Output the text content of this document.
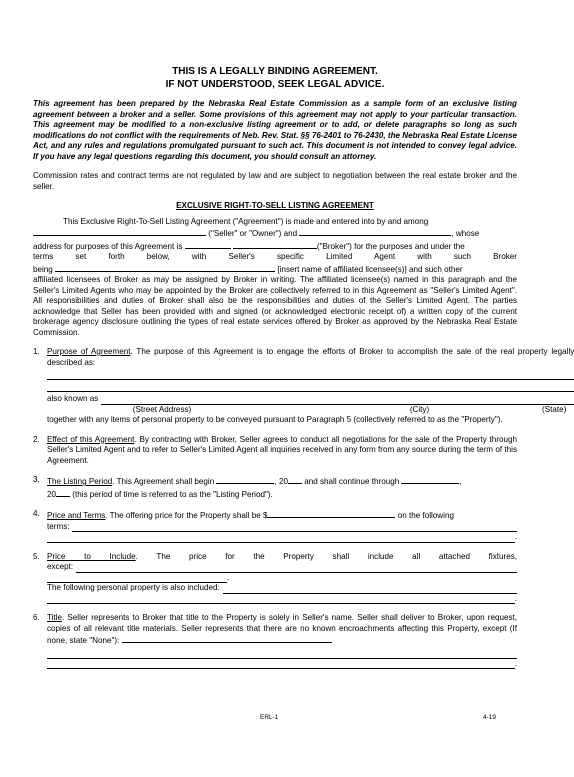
THIS IS A LEGALLY BINDING AGREEMENT.
IF NOT UNDERSTOOD, SEEK LEGAL ADVICE.
This agreement has been prepared by the Nebraska Real Estate Commission as a sample form of an exclusive listing agreement between a broker and a seller. Some provisions of this agreement may not apply to your particular transaction. This agreement may be modified to a non-exclusive listing agreement or to add, or delete paragraphs so long as such modifications do not conflict with the requirements of Neb. Rev. Stat. §§ 76-2401 to 76-2430, the Nebraska Real Estate License Act, and any rules and regulations promulgated pursuant to such act. This document is not intended to convey legal advice. If you have any legal questions regarding this document, you should consult an attorney.
Commission rates and contract terms are not regulated by law and are subject to negotiation between the real estate broker and the seller.
EXCLUSIVE RIGHT-TO-SELL LISTING AGREEMENT
This Exclusive Right-To-Sell Listing Agreement ("Agreement") is made and entered into by and among
("Seller" or "Owner") and	, whose
address for purposes of this Agreement is	("Broker") for the purposes and under the

terms set forth below, with Seller's specific Limited Agent with such Broker
being	[insert name of affiliated licensee(s)] and such other
affiliated licensees of Broker as may be assigned by Broker in writing. The affiliated licensee(s) named in this paragraph and the Seller's Limited Agents who may be appointed by the Broker are collectively referred to in this Agreement as "Seller's Limited Agent". All responsibilities and duties of Broker shall also be the responsibilities and duties of the Seller's Limited Agent. The parties acknowledge that Seller has been provided with and signed (or acknowledged electronic receipt of) a written copy of the current brokerage agency disclosure outlining the types of real estate services offered by Broker as approved by the Nebraska Real Estate Commission.
1. Purpose of Agreement. The purpose of this Agreement is to engage the efforts of Broker to accomplish the sale of the real property legally described as:
also known as
(Street Address)	(City)	(State)
together with any items of personal property to be conveyed pursuant to Paragraph 5 (collectively referred to as the "Property").
2. Effect of this Agreement. By contracting with Broker, Seller agrees to conduct all negotiations for the sale of the Property through Seller's Limited Agent and to refer to Seller's Limited Agent all inquiries received in any form from any source during the term of this Agreement.
3. The Listing Period. This Agreement shall begin	, 20 and shall continue through	,
20 (this period of time is referred to as the "Listing Period").
4. Price and Terms. The offering price for the Property shall be $	on the following
terms:
.
5. Price to Include. The price for the Property shall include all attached fixtures,
except:
.
The following personal property is also included:
.
6. Title. Seller represents to Broker that title to the Property is solely in Seller's name. Seller shall deliver to Broker, upon request, copies of all relevant title materials. Seller represents that there are no known encroachments affecting this Property, except (If none, state "None"):
.
ERL-1	4-19
